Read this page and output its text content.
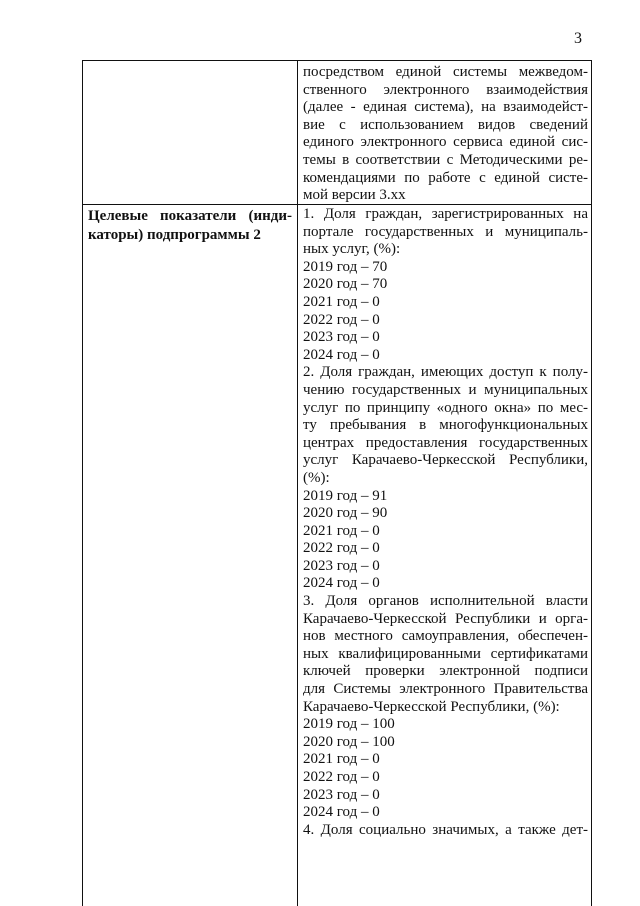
3
посредством единой системы межведом-
ственного электронного взаимодействия
(далее - единая система), на взаимодейст-
вие с использованием видов сведений
единого электронного сервиса единой сис-
темы в соответствии с Методическими ре-
комендациями по работе с единой систе-
мой версии 3.хх
Целевые показатели (инди-
каторы) подпрограммы 2
1. Доля граждан, зарегистрированных на
портале государственных и муниципаль-
ных услуг, (%):
2019 год – 70
2020 год – 70
2021 год – 0
2022 год – 0
2023 год – 0
2024 год – 0
2. Доля граждан, имеющих доступ к полу-
чению государственных и муниципальных
услуг по принципу «одного окна» по мес-
ту пребывания в многофункциональных
центрах предоставления государственных
услуг Карачаево-Черкесской Республики,
(%):
2019 год – 91
2020 год – 90
2021 год – 0
2022 год – 0
2023 год – 0
2024 год – 0
3. Доля органов исполнительной власти
Карачаево-Черкесской Республики и орга-
нов местного самоуправления, обеспечен-
ных квалифицированными сертификатами
ключей проверки электронной подписи
для Системы электронного Правительства
Карачаево-Черкесской Республики, (%):
2019 год – 100
2020 год – 100
2021 год – 0
2022 год – 0
2023 год – 0
2024 год – 0
4. Доля социально значимых, а также дет-
